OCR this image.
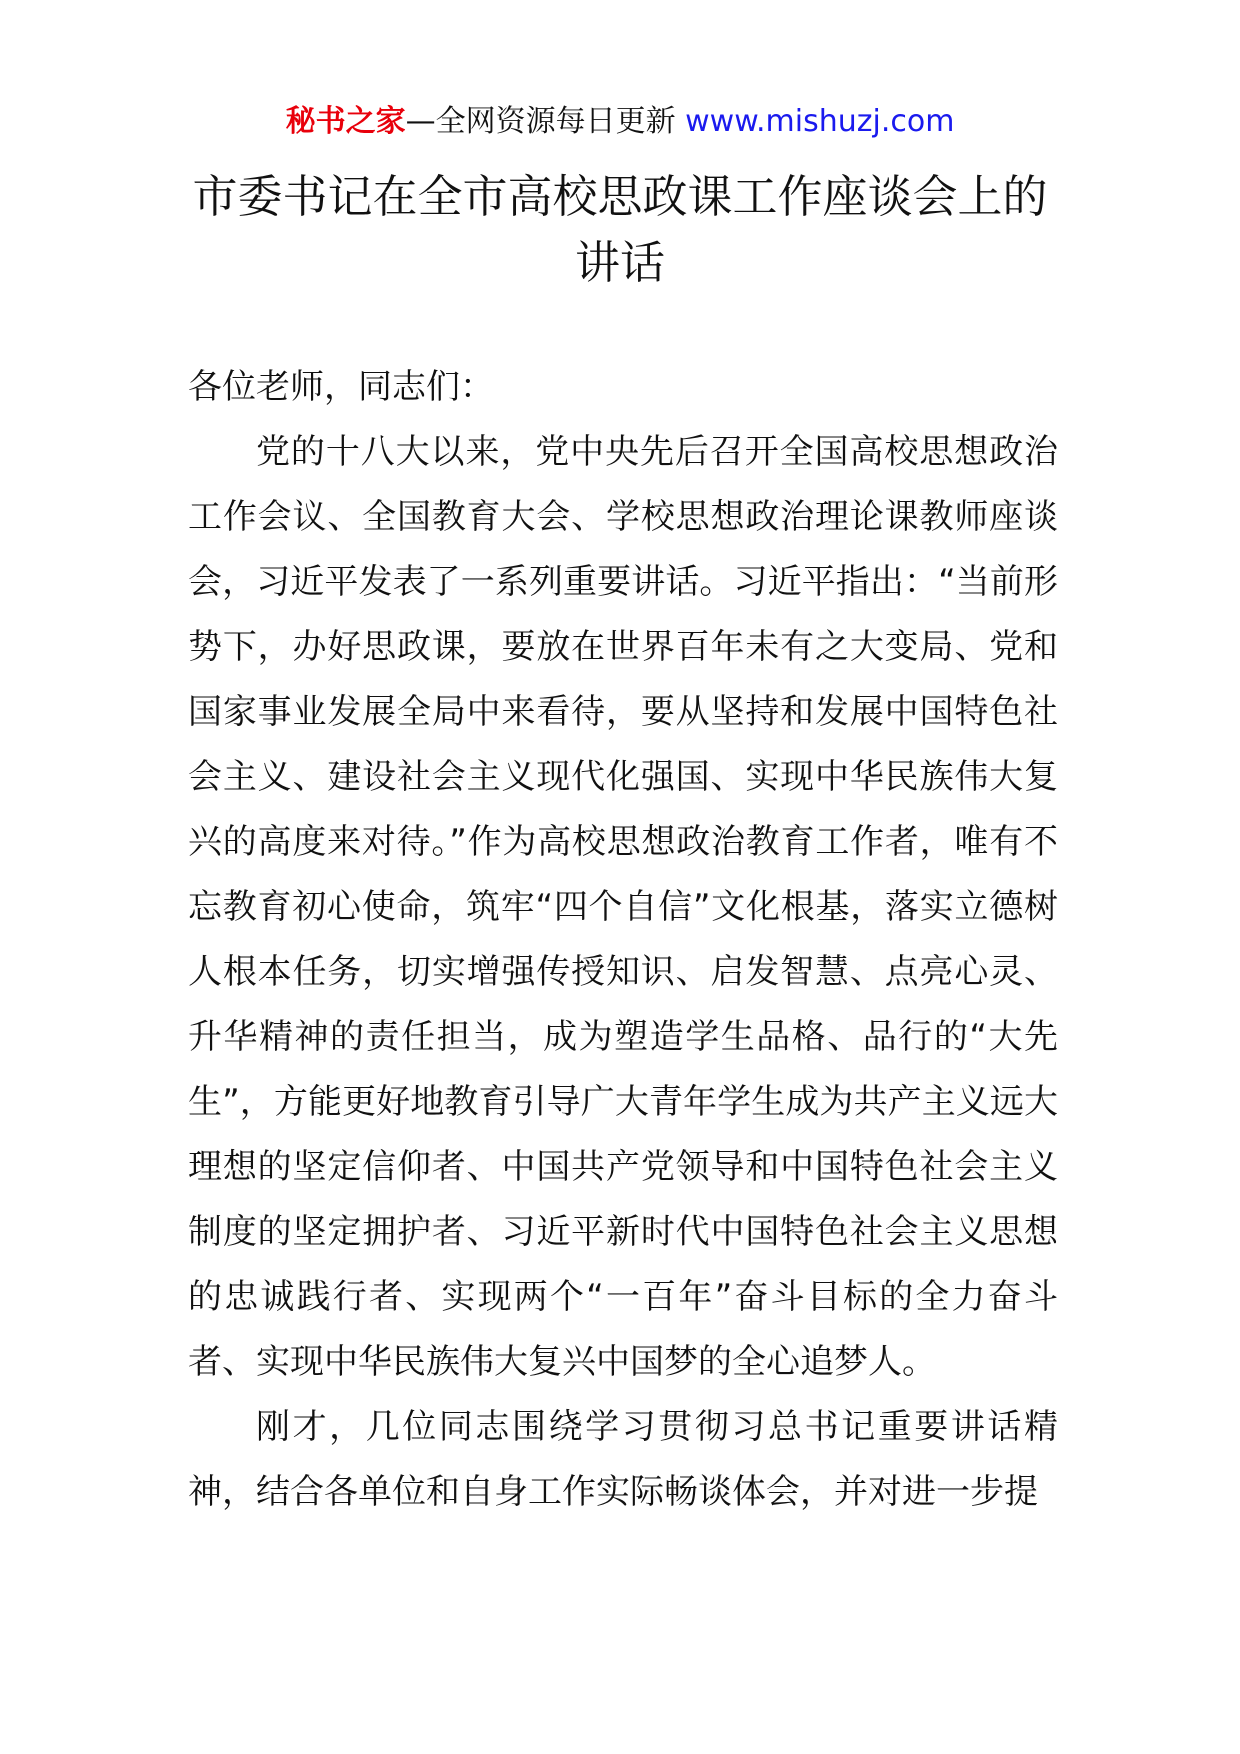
秘书之家—全网资源每日更新 www.mishuzj.com
市委书记在全市高校思政课工作座谈会上的讲话

各位老师，同志们：

党的十八大以来，党中央先后召开全国高校思想政治工作会议、全国教育大会、学校思想政治理论课教师座谈会，习近平发表了一系列重要讲话。习近平指出：“当前形势下，办好思政课，要放在世界百年未有之大变局、党和国家事业发展全局中来看待，要从坚持和发展中国特色社会主义、建设社会主义现代化强国、实现中华民族伟大复兴的高度来对待。”作为高校思想政治教育工作者，唯有不忘教育初心使命，筑牢“四个自信”文化根基，落实立德树人根本任务，切实增强传授知识、启发智慧、点亮心灵、升华精神的责任担当，成为塑造学生品格、品行的“大先生”，方能更好地教育引导广大青年学生成为共产主义远大理想的坚定信仰者、中国共产党领导和中国特色社会主义制度的坚定拥护者、习近平新时代中国特色社会主义思想的忠诚践行者、实现两个“一百年”奋斗目标的全力奋斗者、实现中华民族伟大复兴中国梦的全心追梦人。

刚才，几位同志围绕学习贯彻习总书记重要讲话精神，结合各单位和自身工作实际畅谈体会，并对进一步提
